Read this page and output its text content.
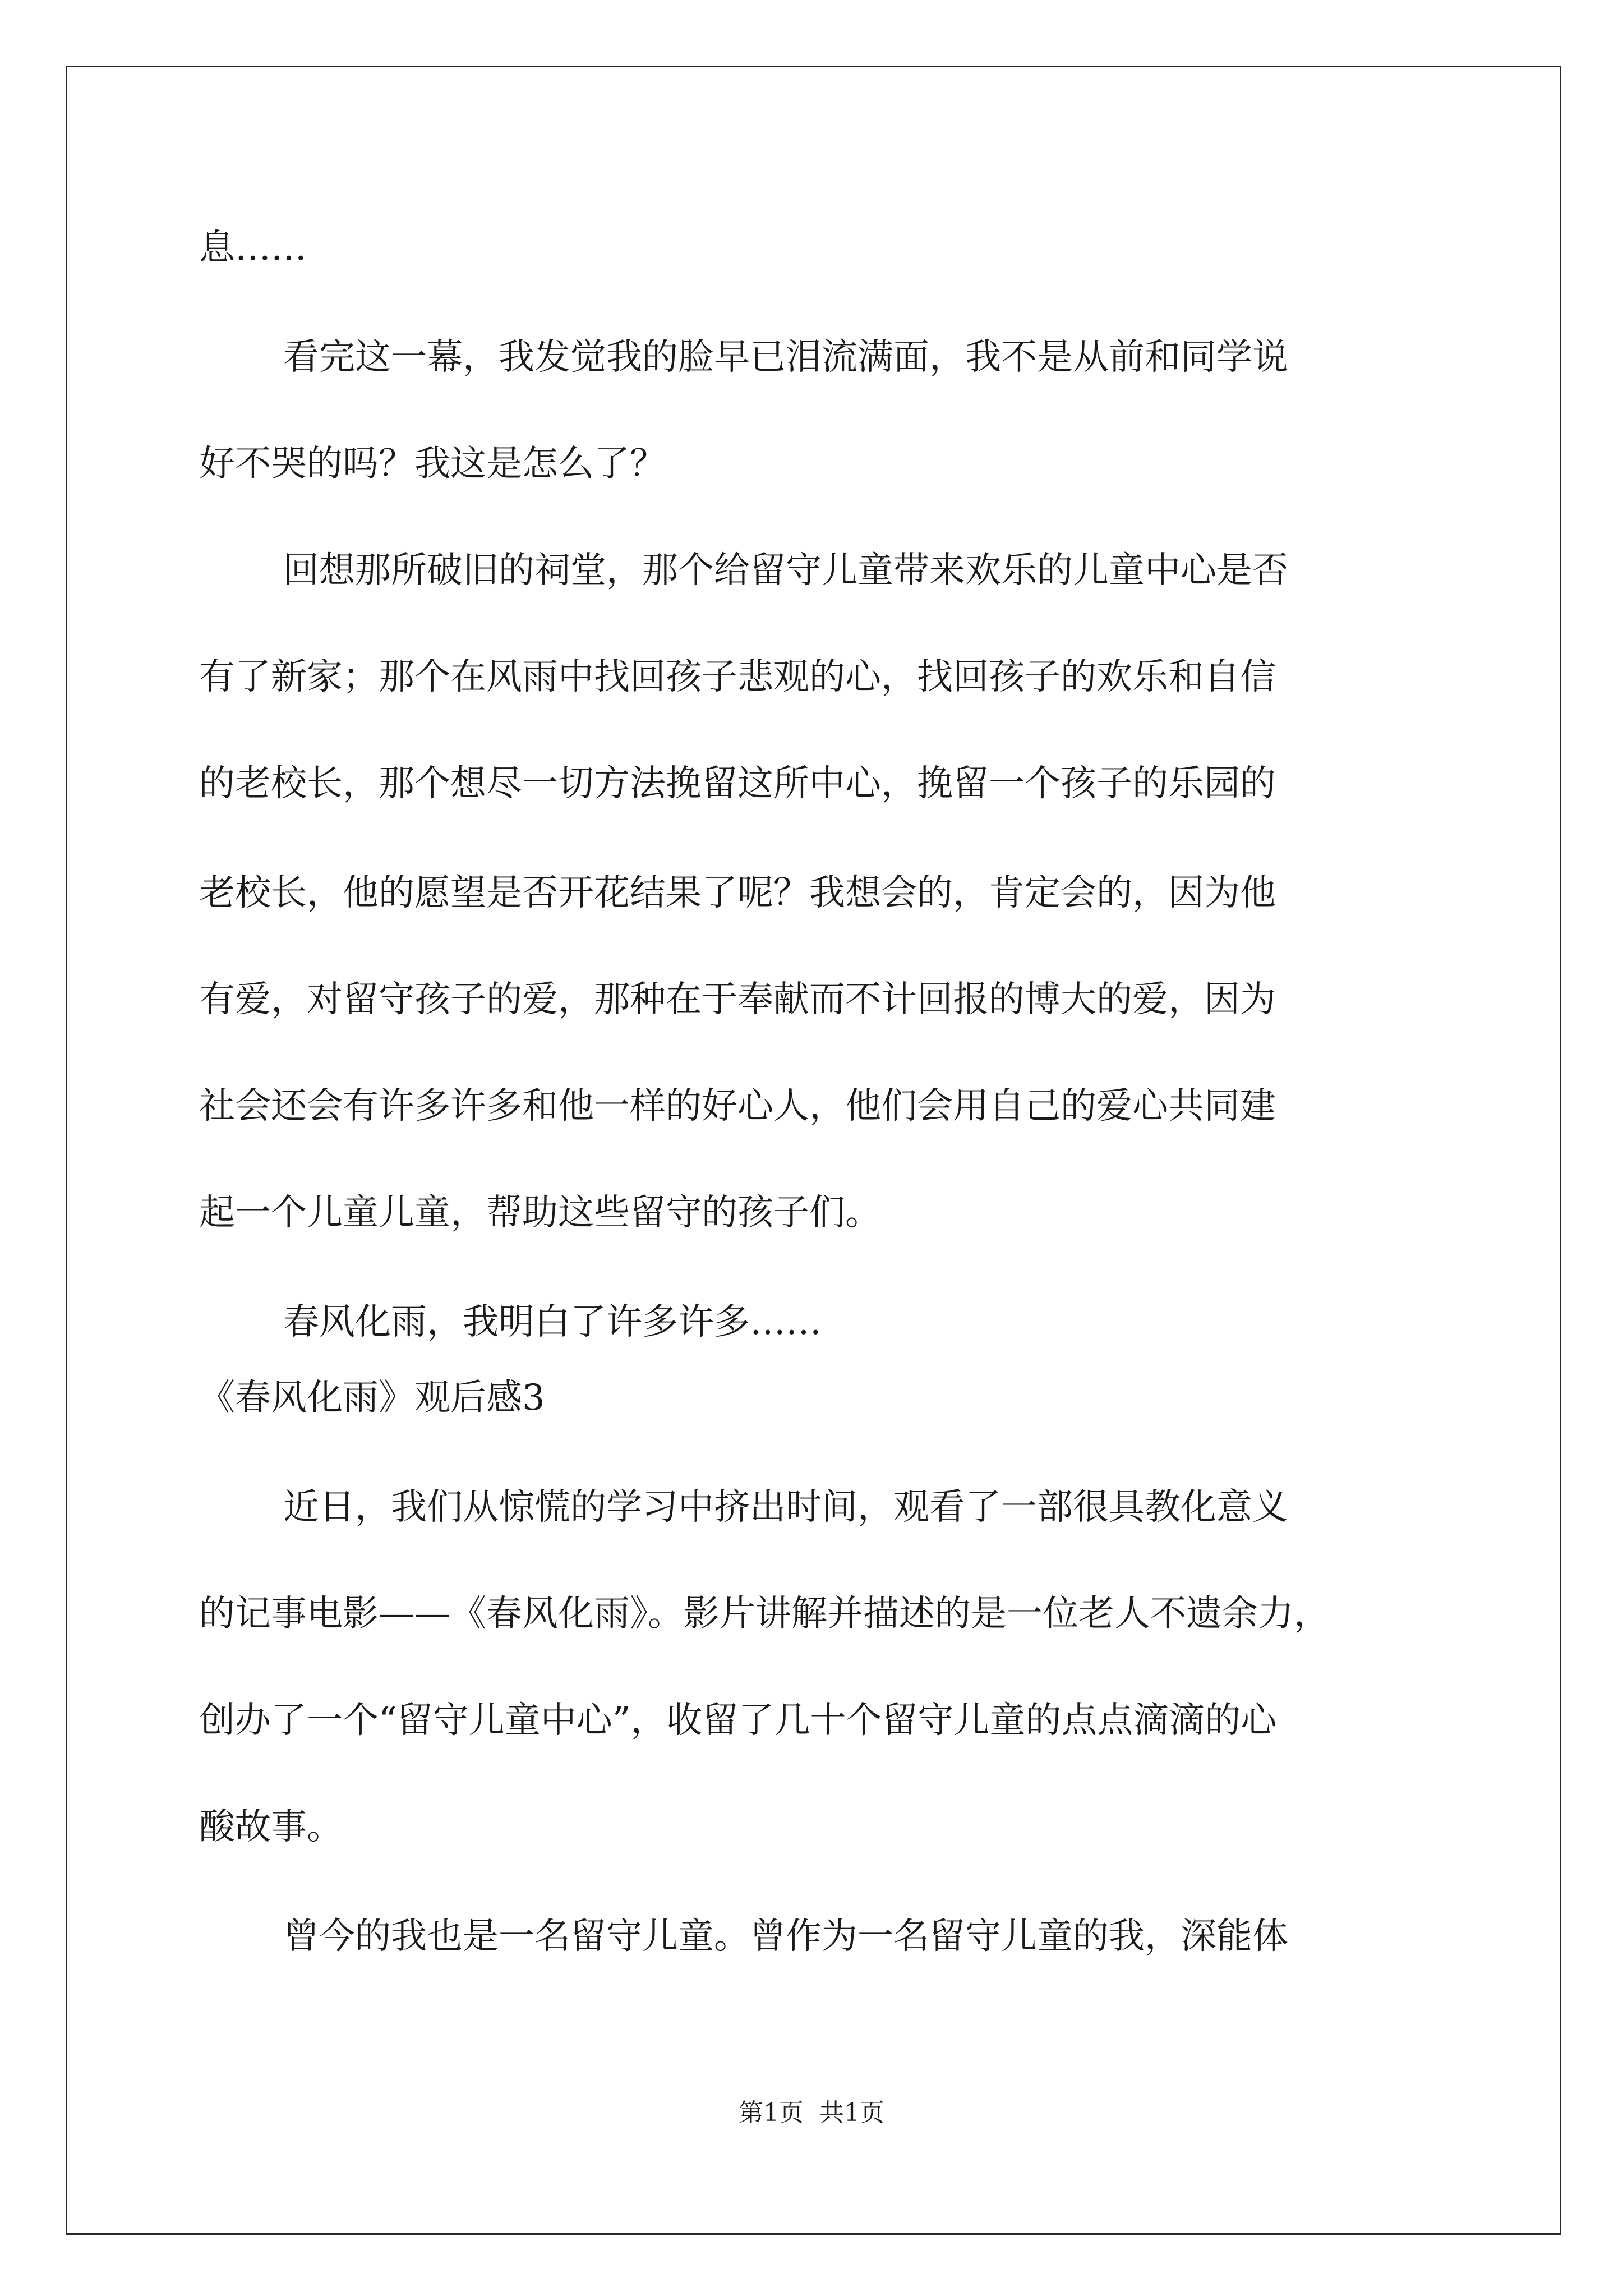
息……
看完这一幕，我发觉我的脸早已泪流满面，我不是从前和同学说
好不哭的吗？我这是怎么了？
回想那所破旧的祠堂，那个给留守儿童带来欢乐的儿童中心是否
有了新家；那个在风雨中找回孩子悲观的心，找回孩子的欢乐和自信
的老校长，那个想尽一切方法挽留这所中心，挽留一个孩子的乐园的
老校长，他的愿望是否开花结果了呢？我想会的，肯定会的，因为他
有爱，对留守孩子的爱，那种在于奉献而不计回报的博大的爱，因为
社会还会有许多许多和他一样的好心人，他们会用自己的爱心共同建
起一个儿童儿童，帮助这些留守的孩子们。
春风化雨，我明白了许多许多……
《春风化雨》观后感3
近日，我们从惊慌的学习中挤出时间，观看了一部很具教化意义
的记事电影——《春风化雨》。影片讲解并描述的是一位老人不遗余力，
创办了一个“留守儿童中心”，收留了几十个留守儿童的点点滴滴的心
酸故事。
曾今的我也是一名留守儿童。曾作为一名留守儿童的我，深能体
第1页  共1页
